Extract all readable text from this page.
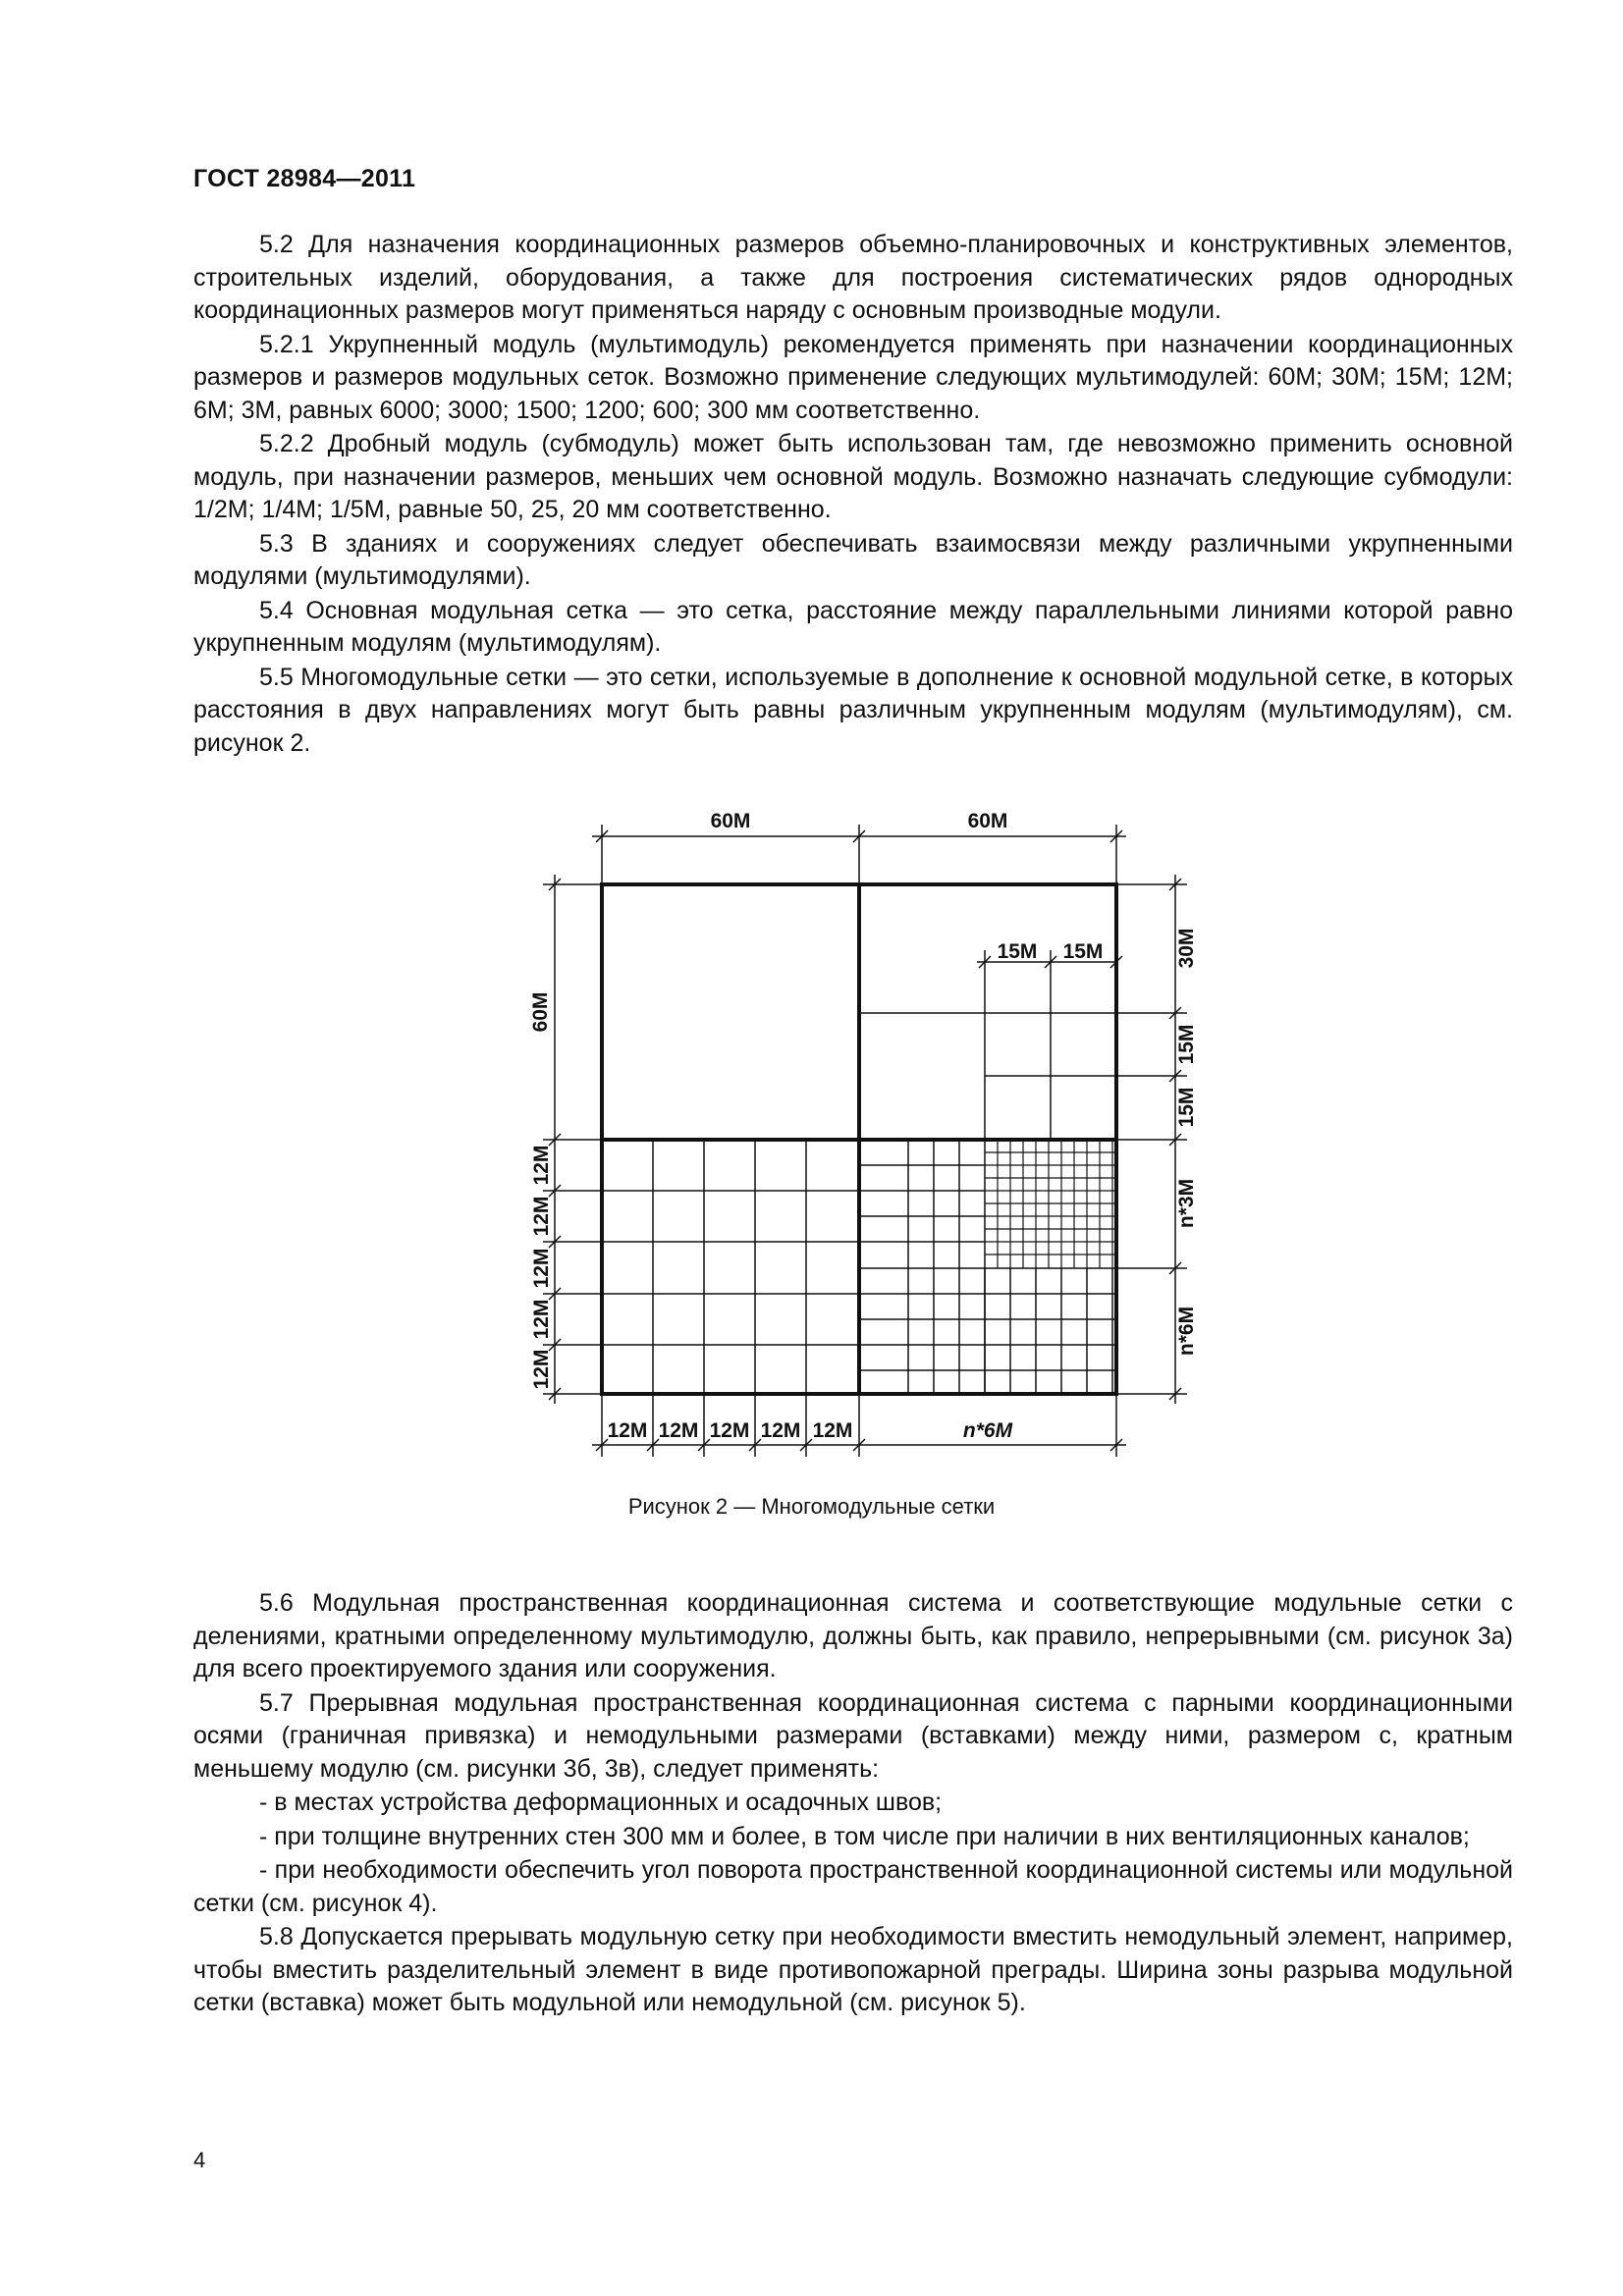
ГОСТ 28984—2011

5.2 Для назначения координационных размеров объемно-планировочных и конструктивных элементов, строительных изделий, оборудования, а также для построения систематических рядов однородных координационных размеров могут применяться наряду с основным производные модули.

5.2.1 Укрупненный модуль (мультимодуль) рекомендуется применять при назначении координационных размеров и размеров модульных сеток. Возможно применение следующих мультимодулей: 60М; 30М; 15М; 12М; 6М; 3М, равных 6000; 3000; 1500; 1200; 600; 300 мм соответственно.

5.2.2 Дробный модуль (субмодуль) может быть использован там, где невозможно применить основной модуль, при назначении размеров, меньших чем основной модуль. Возможно назначать следующие субмодули: 1/2М; 1/4М; 1/5М, равные 50, 25, 20 мм соответственно.

5.3 В зданиях и сооружениях следует обеспечивать взаимосвязи между различными укрупненными модулями (мультимодулями).

5.4 Основная модульная сетка — это сетка, расстояние между параллельными линиями которой равно укрупненным модулям (мультимодулям).

5.5 Многомодульные сетки — это сетки, используемые в дополнение к основной модульной сетке, в которых расстояния в двух направлениях могут быть равны различным укрупненным модулям (мультимодулям), см. рисунок 2.

60М	60М
15М 15М
60М
12М
12М
12М
12М
12М
12М 12М 12М 12М 12М	n*6М
30М
15М
15М
n*3М
n*6М
Рисунок 2 — Многомодульные сетки

5.6 Модульная пространственная координационная система и соответствующие модульные сетки с делениями, кратными определенному мультимодулю, должны быть, как правило, непрерывными (см. рисунок 3а) для всего проектируемого здания или сооружения.

5.7 Прерывная модульная пространственная координационная система с парными координационными осями (граничная привязка) и немодульными размерами (вставками) между ними, размером с, кратным меньшему модулю (см. рисунки 3б, 3в), следует применять:

- в местах устройства деформационных и осадочных швов;

- при толщине внутренних стен 300 мм и более, в том числе при наличии в них вентиляционных каналов;

- при необходимости обеспечить угол поворота пространственной координационной системы или модульной сетки (см. рисунок 4).

5.8 Допускается прерывать модульную сетку при необходимости вместить немодульный элемент, например, чтобы вместить разделительный элемент в виде противопожарной преграды. Ширина зоны разрыва модульной сетки (вставка) может быть модульной или немодульной (см. рисунок 5).

4
